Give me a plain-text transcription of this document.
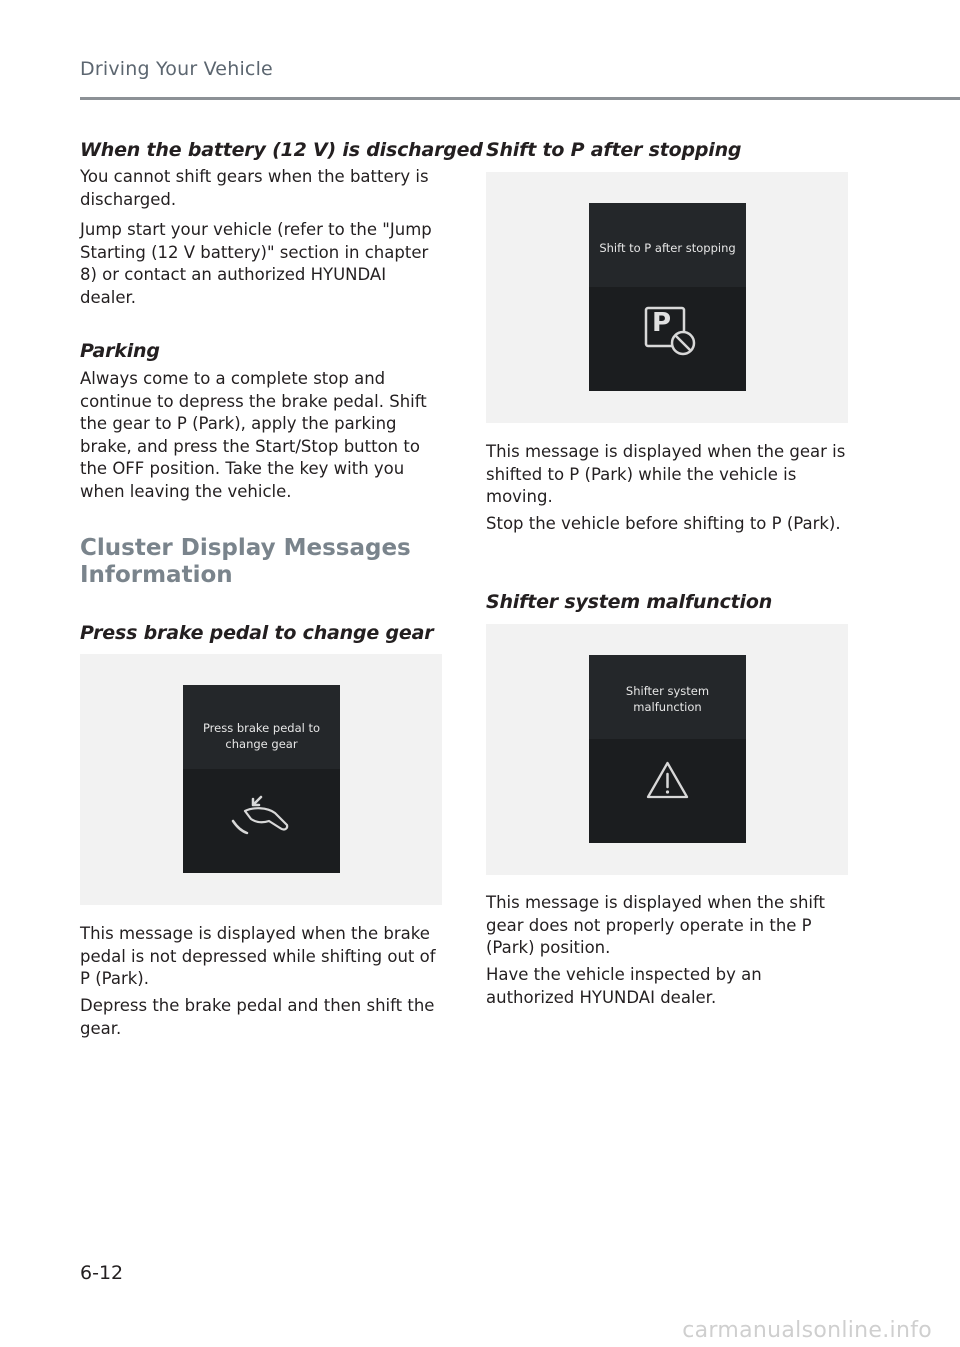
Driving Your Vehicle
When the battery (12 V) is discharged

You cannot shift gears when the battery is discharged.

Jump start your vehicle (refer to the "Jump Starting (12 V battery)" section in chapter 8) or contact an authorized HYUNDAI dealer.

Parking

Always come to a complete stop and continue to depress the brake pedal. Shift the gear to P (Park), apply the parking brake, and press the Start/Stop button to the OFF position. Take the key with you when leaving the vehicle.

Cluster Display Messages Information
Press brake pedal to change gear
Press brake pedal to change gear

This message is displayed when the brake pedal is not depressed while shifting out of P (Park).

Depress the brake pedal and then shift the gear.

Shift to P after stopping
Shift to P after stopping
P

This message is displayed when the gear is shifted to P (Park) while the vehicle is moving.

Stop the vehicle before shifting to P (Park).

Shifter system malfunction
Shifter system malfunction

This message is displayed when the shift gear does not properly operate in the P (Park) position.

Have the vehicle inspected by an authorized HYUNDAI dealer.

6-12
carmanualsonline.info
